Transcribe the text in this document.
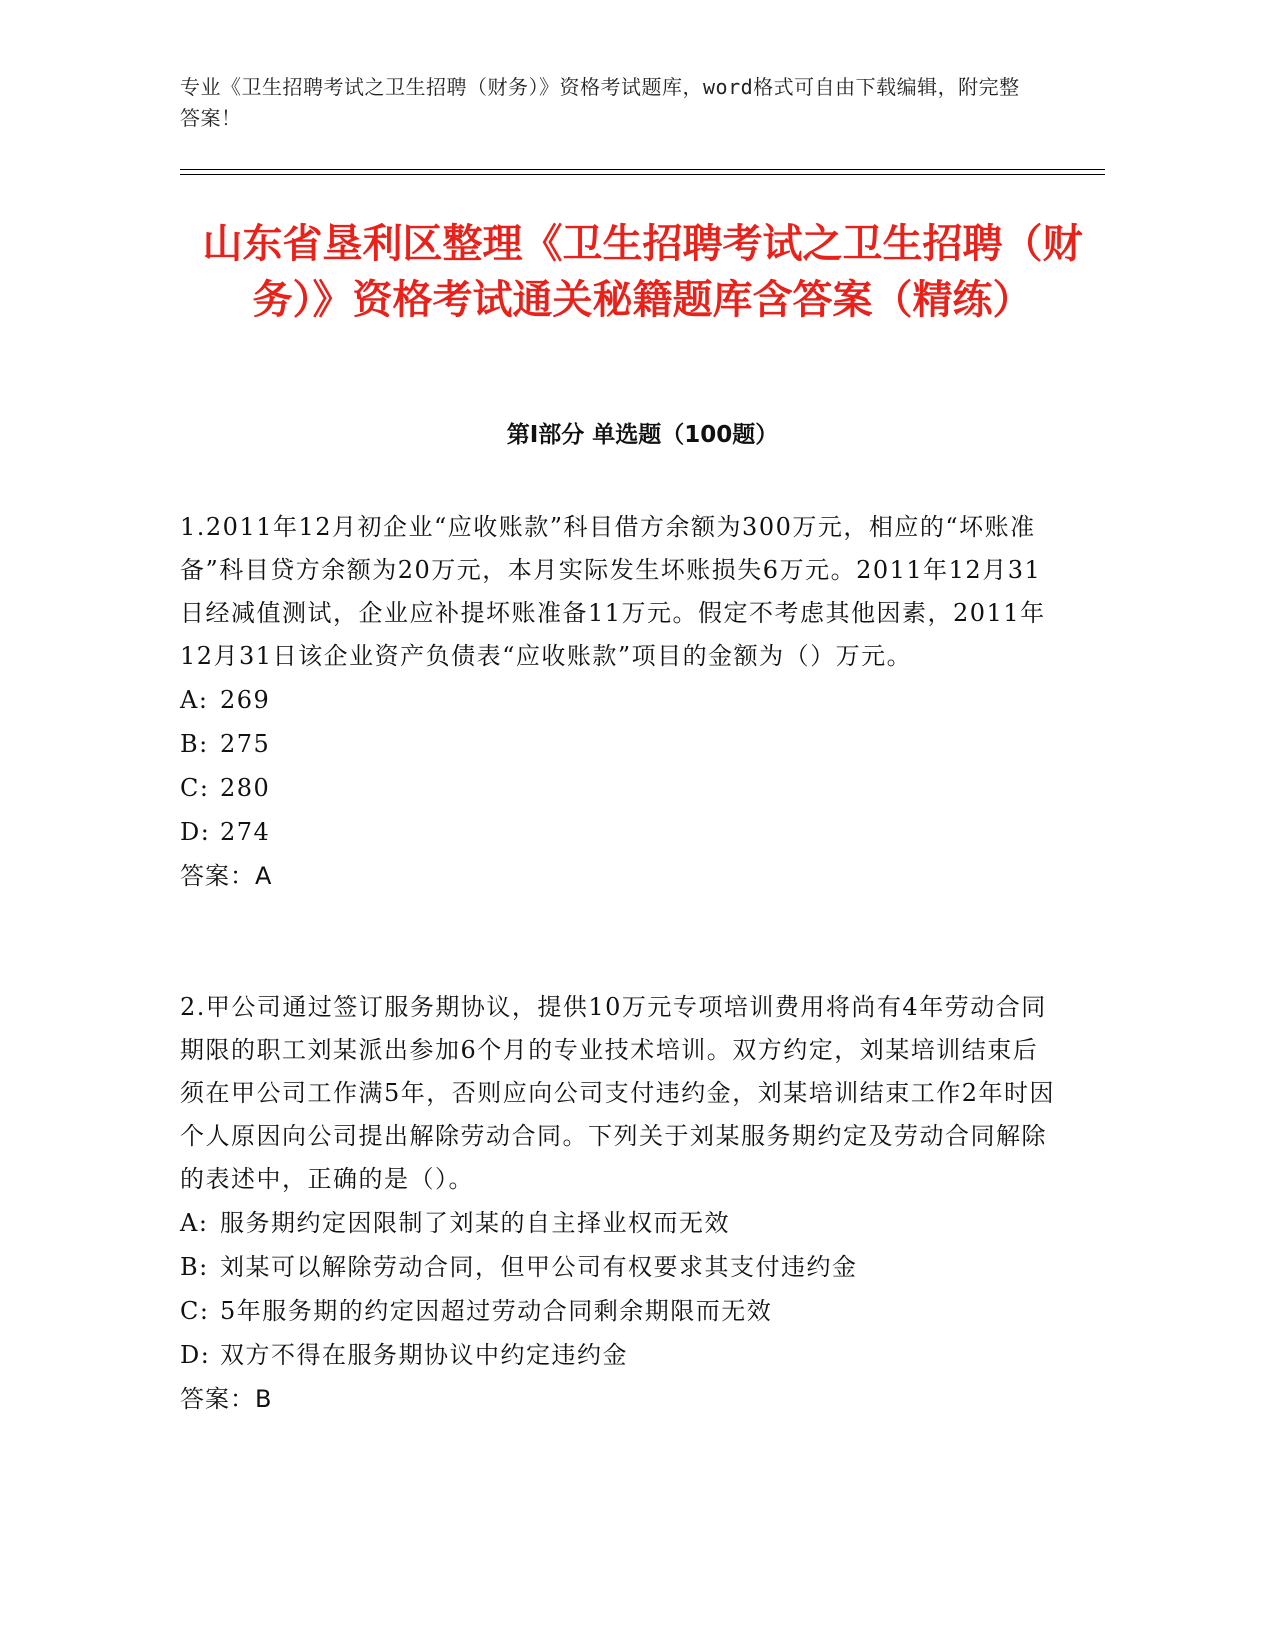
专业《卫生招聘考试之卫生招聘（财务）》资格考试题库，word格式可自由下载编辑，附完整答案！
山东省垦利区整理《卫生招聘考试之卫生招聘（财务）》资格考试通关秘籍题库含答案（精练）
第Ⅰ部分 单选题（100题）

1.2011年12月初企业“应收账款”科目借方余额为300万元，相应的“坏账准备”科目贷方余额为20万元，本月实际发生坏账损失6万元。2011年12月31日经减值测试，企业应补提坏账准备11万元。假定不考虑其他因素，2011年12月31日该企业资产负债表“应收账款”项目的金额为（）万元。

A: 269

B: 275

C: 280

D: 274

答案：A

2.甲公司通过签订服务期协议，提供10万元专项培训费用将尚有4年劳动合同期限的职工刘某派出参加6个月的专业技术培训。双方约定，刘某培训结束后须在甲公司工作满5年，否则应向公司支付违约金，刘某培训结束工作2年时因个人原因向公司提出解除劳动合同。下列关于刘某服务期约定及劳动合同解除的表述中，正确的是（）。

A: 服务期约定因限制了刘某的自主择业权而无效

B: 刘某可以解除劳动合同，但甲公司有权要求其支付违约金

C: 5年服务期的约定因超过劳动合同剩余期限而无效

D: 双方不得在服务期协议中约定违约金

答案：B
